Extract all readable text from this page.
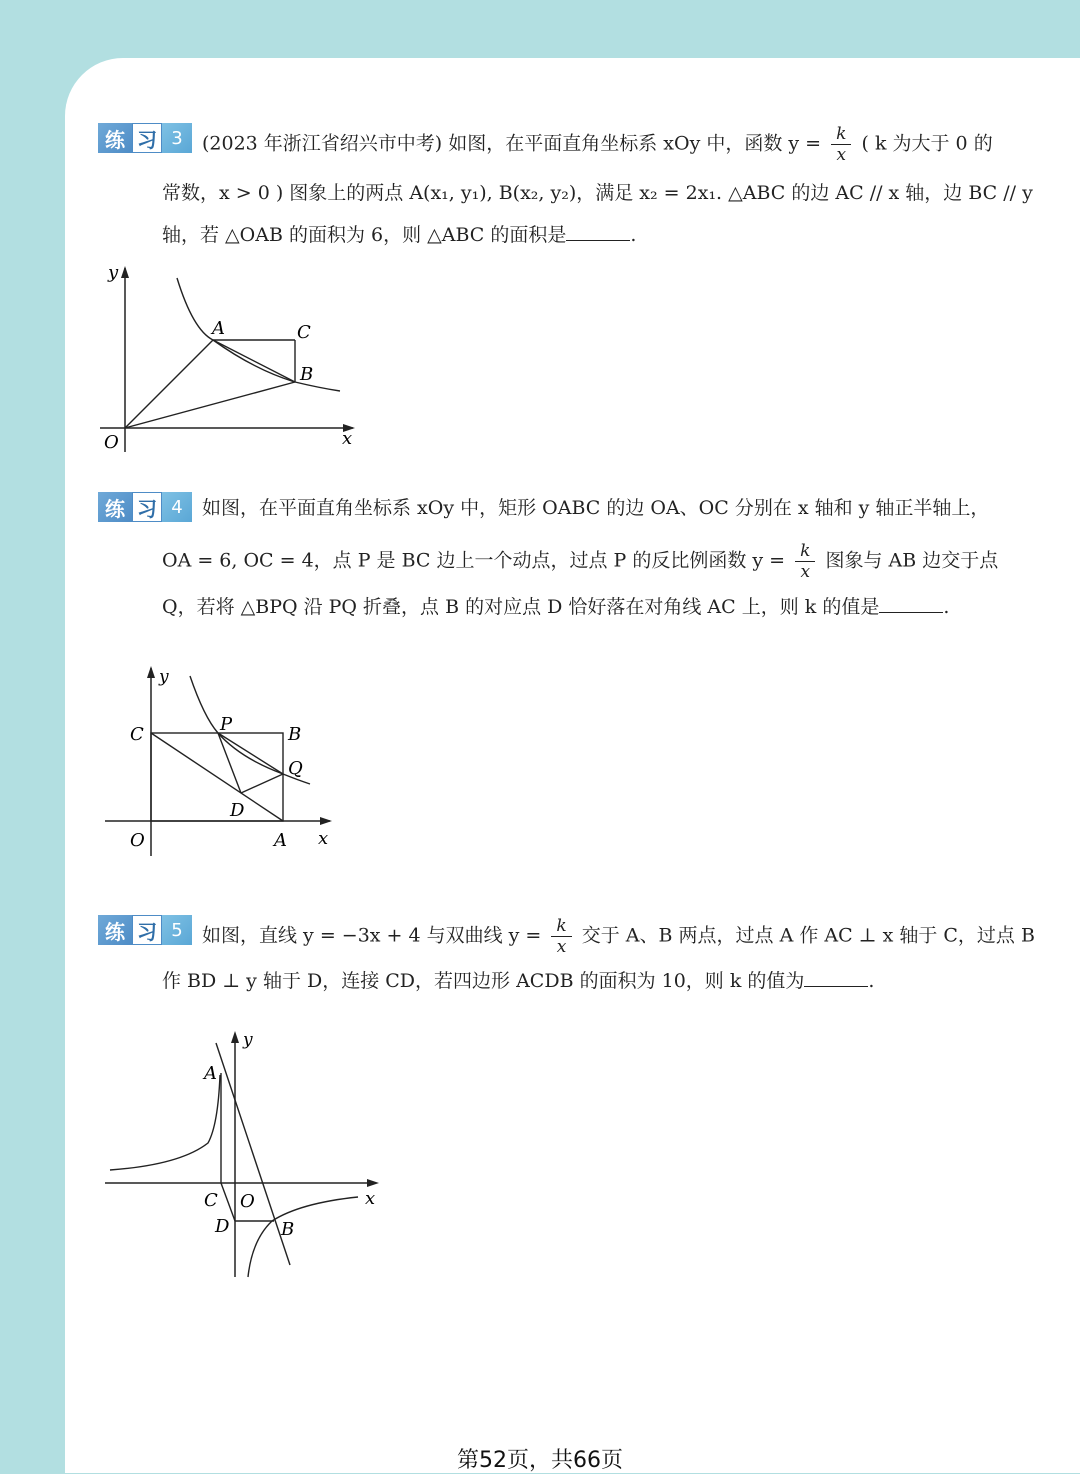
练 习 3	(2023 年浙江省绍兴市中考) 如图，在平面直角坐标系 xOy 中，函数 $y = \frac{k}{x}$ ( k 为大于 0 的
常数，x > 0 ) 图象上的两点 A(x₁, y₁), B(x₂, y₂)，满足 x₂ = 2x₁. △ABC 的边 AC // x 轴，边 BC // y
轴，若 △OAB 的面积为 6，则 △ABC 的面积是	.
y
A	C
B
O	x
练 习 4	如图，在平面直角坐标系 xOy 中，矩形 OABC 的边 OA、OC 分别在 x 轴和 y 轴正半轴上，
OA = 6, OC = 4，点 P 是 BC 边上一个动点，过点 P 的反比例函数 $y = \frac{k}{x}$ 图象与 AB 边交于点
Q，若将 △BPQ 沿 PQ 折叠，点 B 的对应点 D 恰好落在对角线 AC 上，则 k 的值是	.
y
C	P	B
Q
D
O	A x
练 习 5	如图，直线 y = −3x + 4 与双曲线 $y = \frac{k}{x}$ 交于 A、B 两点，过点 A 作 AC ⊥ x 轴于 C，过点 B
作 BD ⊥ y 轴于 D，连接 CD，若四边形 ACDB 的面积为 10，则 k 的值为	.
y
A
C O	x
D	B
第52页，共66页
